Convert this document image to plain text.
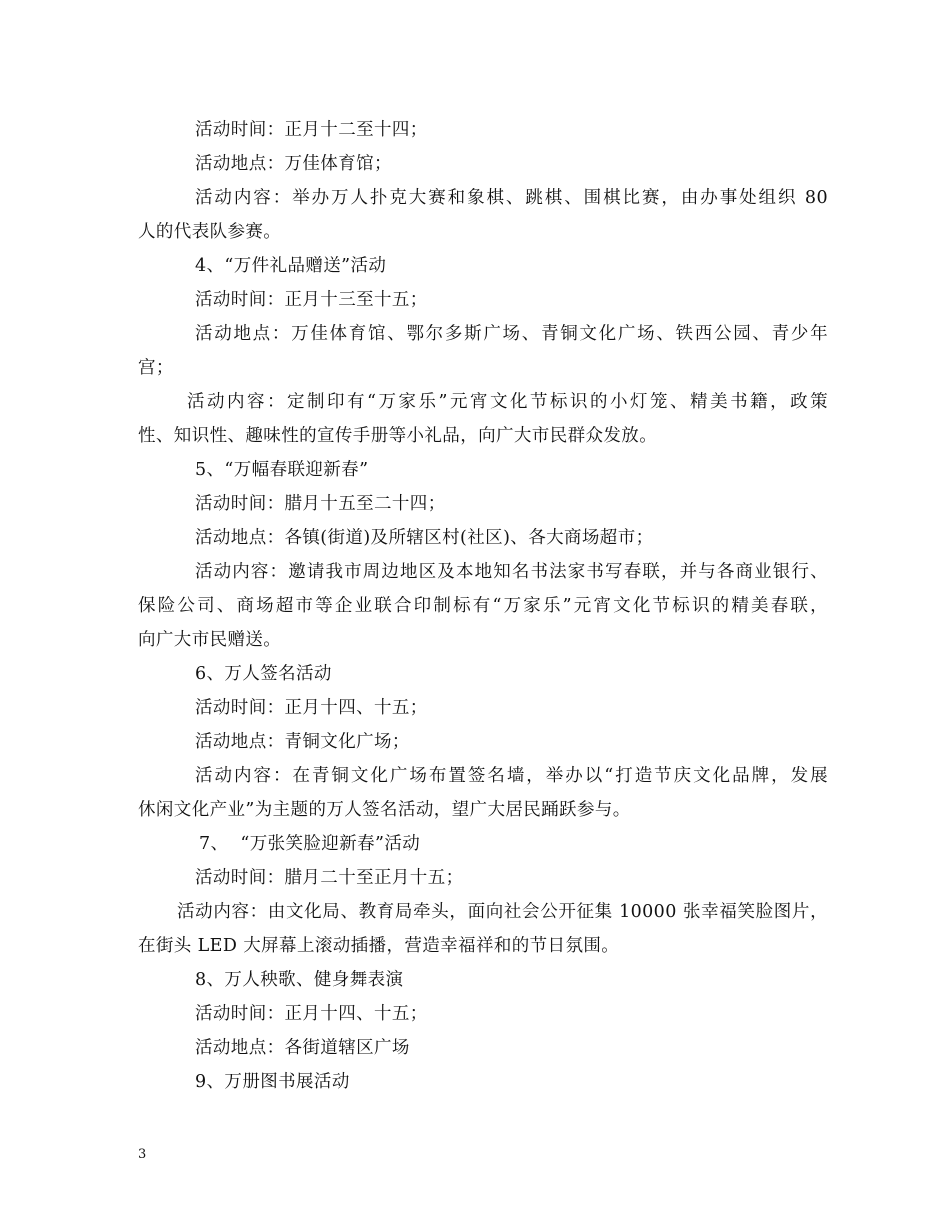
活动时间：正月十二至十四；
活动地点：万佳体育馆；
活动内容：举办万人扑克大赛和象棋、跳棋、围棋比赛，由办事处组织 80
人的代表队参赛。
4、“万件礼品赠送”活动
活动时间：正月十三至十五；
活动地点：万佳体育馆、鄂尔多斯广场、青铜文化广场、铁西公园、青少年
宫；
活动内容：定制印有“万家乐”元宵文化节标识的小灯笼、精美书籍，政策
性、知识性、趣味性的宣传手册等小礼品，向广大市民群众发放。
5、“万幅春联迎新春”
活动时间：腊月十五至二十四；
活动地点：各镇(街道)及所辖区村(社区)、各大商场超市；
活动内容：邀请我市周边地区及本地知名书法家书写春联，并与各商业银行、
保险公司、商场超市等企业联合印制标有“万家乐”元宵文化节标识的精美春联，
向广大市民赠送。
6、万人签名活动
活动时间：正月十四、十五；
活动地点：青铜文化广场；
活动内容：在青铜文化广场布置签名墙，举办以“打造节庆文化品牌，发展
休闲文化产业”为主题的万人签名活动，望广大居民踊跃参与。
7、  “万张笑脸迎新春”活动
活动时间：腊月二十至正月十五；
活动内容：由文化局、教育局牵头，面向社会公开征集 10000 张幸福笑脸图片，
在街头 LED 大屏幕上滚动插播，营造幸福祥和的节日氛围。
8、万人秧歌、健身舞表演
活动时间：正月十四、十五；
活动地点：各街道辖区广场
9、万册图书展活动
3
